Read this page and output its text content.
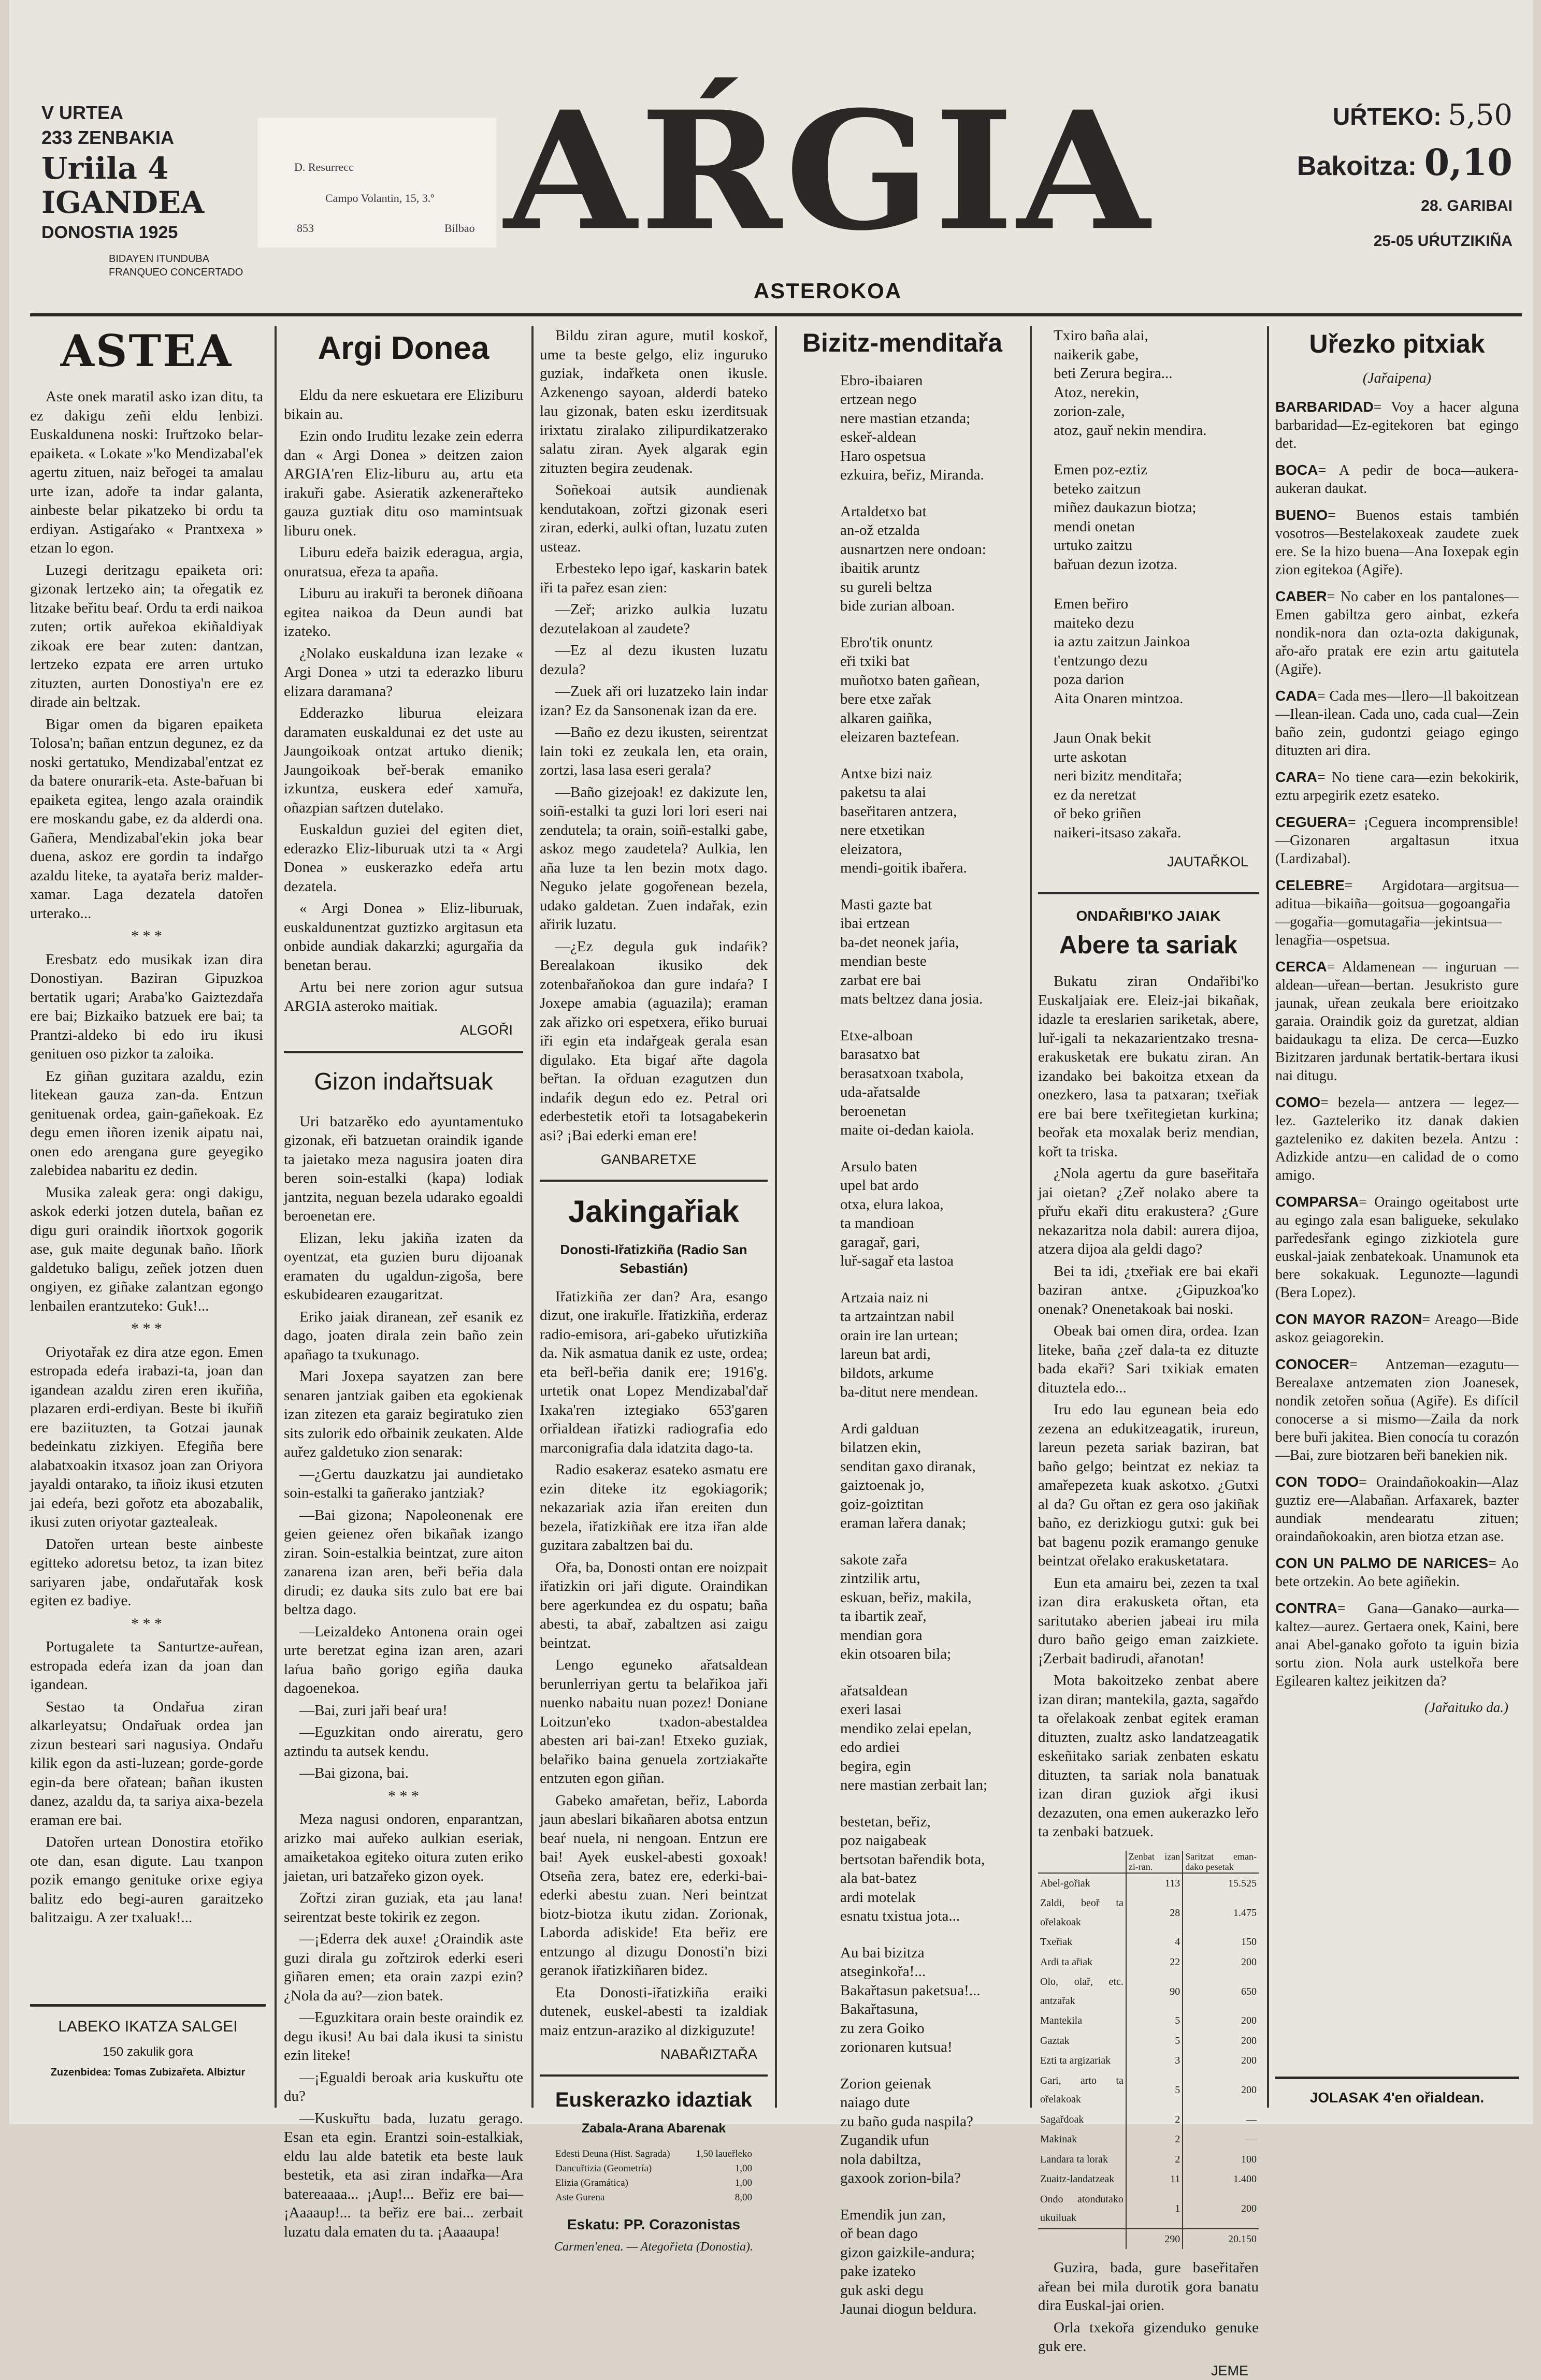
V URTEA
233 ZENBAKIA
Uriila 4
IGANDEA
DONOSTIA 1925
BIDAYEN ITUNDUBA
FRANQUEO CONCERTADO
D. Resurrecc
Campo Volantin, 15, 3.º
853	Bilbao AŔGIA
ASTEROKOA
UŔTEKO: 5,50
Bakoitza: 0,10
28. GARIBAI
25-05 UŔUTZIKIÑA
ASTEA

Aste onek maratil asko izan ditu, ta ez dakigu zeñi eldu lenbizi. Euskaldunena noski: Iruřtzoko belar-epaiketa. « Lokate »'ko Mendizabal'ek agertu zituen, naiz beřogei ta amalau urte izan, adoře ta indar galanta, ainbeste belar pikatzeko bi ordu ta erdiyan. Astigaŕako « Prantxexa » etzan lo egon.

Luzegi deritzagu epaiketa ori: gizonak lertzeko ain; ta ořegatik ez litzake beřitu beaŕ. Ordu ta erdi naikoa zuten; ortik auřekoa ekiñaldiyak zikoak ere bear zuten: dantzan, lertzeko ezpata ere arren urtuko zituzten, aurten Donostiya'n ere ez dirade ain beltzak.

Bigar omen da bigaren epaiketa Tolosa'n; bañan entzun degunez, ez da noski gertatuko, Mendizabal'entzat ez da batere onurarik-eta. Aste-bařuan bi epaiketa egitea, lengo azala oraindik ere moskandu gabe, ez da alderdi ona. Gañera, Mendizabal'ekin joka bear duena, askoz ere gordin ta indařgo azaldu liteke, ta ayatařa beriz malder-xamar. Laga dezatela datořen urterako...

* * *

Eresbatz edo musikak izan dira Donostiyan. Baziran Gipuzkoa bertatik ugari; Araba'ko Gaiztezdařa ere bai; Bizkaiko batzuek ere bai; ta Prantzi-aldeko bi edo iru ikusi genituen oso pizkor ta zaloika.

Ez giñan guzitara azaldu, ezin litekean gauza zan-da. Entzun genituenak ordea, gain-gañekoak. Ez degu emen iñoren izenik aipatu nai, onen edo arengana gure geyegiko zalebidea nabaritu ez dedin.

Musika zaleak gera: ongi dakigu, askok ederki jotzen dutela, bañan ez digu guri oraindik iñortxok gogorik ase, guk maite degunak baño. Iñork galdetuko baligu, zeñek jotzen duen ongiyen, ez giñake zalantzan egongo lenbailen erantzuteko: Guk!...

* * *

Oriyotařak ez dira atze egon. Emen estropada edeŕa irabazi-ta, joan dan igandean azaldu ziren eren ikuřiña, plazaren erdi-erdiyan. Beste bi ikuřiñ ere baziituzten, ta Gotzai jaunak bedeinkatu zizkiyen. Efegiña bere alabatxoakin itxasoz joan zan Oriyora jayaldi ontarako, ta iñoiz ikusi etzuten jai edeŕa, bezi gořotz eta abozabalik, ikusi zuten oriyotar gaztealeak.

Datořen urtean beste ainbeste egitteko adoretsu betoz, ta izan bitez sariyaren jabe, ondařutařak kosk egiten ez badiye.

* * *

Portugalete ta Santurtze-auřean, estropada edeŕa izan da joan dan igandean.

Sestao ta Ondařua ziran alkarleyatsu; Ondařuak ordea jan zizun besteari sari nagusiya. Ondařu kilik egon da asti-luzean; gorde-gorde egin-da bere ořatean; bañan ikusten danez, azaldu da, ta sariya aixa-bezela eraman ere bai.

Datořen urtean Donostira etořiko ote dan, esan digute. Lau txanpon pozik emango genituke orixe egiya balitz edo begi-auren garaitzeko balitzaigu. A zer txaluak!...

LABEKO IKATZA SALGEI
150 zakulik gora
Zuzenbidea: Tomas Zubizařeta. Albiztur
Argi Donea

Eldu da nere eskuetara ere Eliziburu bikain au.

Ezin ondo Iruditu lezake zein ederra dan « Argi Donea » deitzen zaion ARGIA'ren Eliz-liburu au, artu eta irakuři gabe. Asieratik azkenerařteko gauza guztiak ditu oso mamintsuak liburu onek.

Liburu edeřa baizik ederagua, argia, onuratsua, eřeza ta apaña.

Liburu au irakuři ta beronek diñoana egitea naikoa da Deun aundi bat izateko.

¿Nolako euskalduna izan lezake « Argi Donea » utzi ta ederazko liburu elizara daramana?

Edderazko liburua eleizara daramaten euskaldunai ez det uste au Jaungoikoak ontzat artuko dienik; Jaungoikoak beř-berak emaniko izkuntza, euskera edeŕ xamuřa, oñazpian saŕtzen dutelako.

Euskaldun guziei del egiten diet, ederazko Eliz-liburuak utzi ta « Argi Donea » euskerazko edeřa artu dezatela.

« Argi Donea » Eliz-liburuak, euskaldunentzat guztizko argitasun eta onbide aundiak dakarzki; agurgařia da benetan berau.

Artu bei nere zorion agur sutsua ARGIA asteroko maitiak.

ALGOŘI
Gizon indařtsuak

Uri batzarěko edo ayuntamentuko gizonak, eři batzuetan oraindik igande ta jaietako meza nagusira joaten dira beren soin-estalki (kapa) lodiak jantzita, neguan bezela udarako egoaldi beroenetan ere.

Elizan, leku jakiña izaten da oyentzat, eta guzien buru dijoanak eramaten du ugaldun-zigoša, bere eskubidearen ezaugaritzat.

Eriko jaiak diranean, zeř esanik ez dago, joaten dirala zein baño zein apañago ta txukunago.

Mari Joxepa sayatzen zan bere senaren jantziak gaiben eta egokienak izan zitezen eta garaiz begiratuko zien sits zulorik edo ořbainik zeukaten. Alde auřez galdetuko zion senarak:

—¿Gertu dauzkatzu jai aundietako soin-estalki ta gañerako jantziak?

—Bai gizona; Napoleonenak ere geien geienez ořen bikañak izango ziran. Soin-estalkia beintzat, zure aiton zanarena izan aren, beři beřia dala dirudi; ez dauka sits zulo bat ere bai beltza dago.

—Leizaldeko Antonena orain ogei urte beretzat egina izan aren, azari laŕua baño gorigo egiña dauka dagoenekoa.

—Bai, zuri jaři beaŕ ura!

—Eguzkitan ondo aireratu, gero aztindu ta autsek kendu.

—Bai gizona, bai.

* * *

Meza nagusi ondoren, enparantzan, arizko mai auřeko aulkian eseriak, amaiketakoa egiteko oitura zuten eriko jaietan, uri batzařeko gizon oyek.

Zořtzi ziran guziak, eta ¡au lana! seirentzat beste tokirik ez zegon.

—¡Ederra dek auxe! ¿Oraindik aste guzi dirala gu zořtzirok ederki eseri giñaren emen; eta orain zazpi ezin? ¿Nola da au?—zion batek.

—Eguzkitara orain beste oraindik ez degu ikusi! Au bai dala ikusi ta sinistu ezin liteke!

—¡Egualdi beroak aria kuskuřtu ote du?

—Kuskuřtu bada, luzatu gerago. Esan eta egin. Erantzi soin-estalkiak, eldu lau alde batetik eta beste lauk bestetik, eta asi ziran indařka—Ara batereaaaa... ¡Aup!... Beřiz ere bai—¡Aaaaup!... ta beřiz ere bai... zerbait luzatu dala ematen du ta. ¡Aaaaupa!

Bildu ziran agure, mutil koskoř, ume ta beste gelgo, eliz inguruko guziak, indařketa onen ikusle. Azkenengo sayoan, alderdi bateko lau gizonak, baten esku izerditsuak irixtatu ziralako zilipurdikatzerako salatu ziran. Ayek algarak egin zituzten begira zeudenak.

Soñekoai autsik aundienak kendutakoan, zořtzi gizonak eseri ziran, ederki, aulki oftan, luzatu zuten usteaz.

Erbesteko lepo igaŕ, kaskarin batek iři ta pařez esan zien:

—Zeř; arizko aulkia luzatu dezutelakoan al zaudete?

—Ez al dezu ikusten luzatu dezula?

—Zuek aři ori luzatzeko lain indar izan? Ez da Sansonenak izan da ere.

—Baño ez dezu ikusten, seirentzat lain toki ez zeukala len, eta orain, zortzi, lasa lasa eseri gerala?

—Baño gizejoak! ez dakizute len, soiñ-estalki ta guzi lori lori eseri nai zendutela; ta orain, soiñ-estalki gabe, askoz mego zaudetela? Aulkia, len aña luze ta len bezin motx dago. Neguko jelate gogořenean bezela, udako galdetan. Zuen indařak, ezin ařirik luzatu.

—¿Ez degula guk indaŕik? Berealakoan ikusiko dek zotenbařaňokoa dan gure indaŕa? I Joxepe amabia (aguazila); eraman zak ařizko ori espetxera, eřiko buruai iři egin eta indařgeak gerala esan digulako. Eta bigaŕ ařte dagola beřtan. Ia ořduan ezagutzen dun indaŕik degun edo ez. Petral ori ederbestetik etoři ta lotsagabekerin asi? ¡Bai ederki eman ere!

GANBARETXE
Jakingařiak
Donosti-Iřatizkiña (Radio San Sebastián)

Iřatizkiña zer dan? Ara, esango dizut, one irakuřle. Iřatizkiña, erderaz radio-emisora, ari-gabeko uřutizkiña da. Nik asmatua danik ez uste, ordea; eta beřl-beřia danik ere; 1916'g. urtetik onat Lopez Mendizabal'dař Ixaka'ren iztegiako 653'garen orřialdean iřatizki radiografia edo marconigrafia dala idatzita dago-ta.

Radio esakeraz esateko asmatu ere ezin diteke itz egokiagorik; nekazariak azia iřan ereiten dun bezela, iřatizkiñak ere itza iřan alde guzitara zabaltzen bai du.

Ořa, ba, Donosti ontan ere noizpait iřatizkin ori jaři digute. Oraindikan bere agerkundea ez du ospatu; baña abesti, ta abař, zabaltzen asi zaigu beintzat.

Lengo eguneko ařatsaldean berunlerriyan gertu ta belařikoa jaři nuenko nabaitu nuan pozez! Doniane Loitzun'eko txadon-abestaldea abesten ari bai-zan! Etxeko guziak, belařiko baina genuela zortziakařte entzuten egon giñan.

Gabeko amařetan, beřiz, Laborda jaun abeslari bikañaren abotsa entzun beaŕ nuela, ni nengoan. Entzun ere bai! Ayek euskel-abesti goxoak! Otseña zera, batez ere, ederki-bai-ederki abestu zuan. Neri beintzat biotz-biotza ikutu zidan. Zorionak, Laborda adiskide! Eta beřiz ere entzungo al dizugu Donosti'n bizi geranok iřatizkiñaren bidez.

Eta Donosti-iřatizkiña eraiki dutenek, euskel-abesti ta izaldiak maiz entzun-araziko al dizkiguzute!

NABAŘIZTAŘA
Euskerazko idaztiak
Zabala-Arana Abarenak
Edesti Deuna (Hist. Sagrada)	1,50 laueřleko
Dancuřtizia (Geometría)	1,00
Elizia (Gramática)	1,00
Aste Gurena	8,00
Eskatu: PP. Corazonistas
Carmen'enea. — Ategořieta (Donostia).
Bizitz-menditařa
Ebro-ibaiaren
ertzean nego
nere mastian etzanda;
eskeř-aldean
Haro ospetsua
ezkuira, beřiz, Miranda.
Artaldetxo bat
an-ož etzalda
ausnartzen nere ondoan:
ibaitik aruntz
su gureli beltza
bide zurian alboan.
Ebro'tik onuntz
eři txiki bat
muñotxo baten gañean,
bere etxe zařak
alkaren gaiñka,
eleizaren baztefean.
Antxe bizi naiz
paketsu ta alai
baseřitaren antzera,
nere etxetikan
eleizatora,
mendi-goitik ibařera.
Masti gazte bat
ibai ertzean
ba-det neonek jaŕia,
mendian beste
zarbat ere bai
mats beltzez dana josia.
Etxe-alboan
barasatxo bat
berasatxoan txabola,
uda-ařatsalde
beroenetan
maite oi-dedan kaiola.
Arsulo baten
upel bat ardo
otxa, elura lakoa,
ta mandioan
garagař, gari,
luř-sagař eta lastoa
Artzaia naiz ni
ta artzaintzan nabil
orain ire lan urtean;
lareun bat ardi,
bildots, arkume
ba-ditut nere mendean.
Ardi galduan
bilatzen ekin,
senditan gaxo diranak,
gaiztoenak jo,
goiz-goiztitan
eraman lařera danak;
sakote zařa
zintzilik artu,
eskuan, beřiz, makila,
ta ibartik zeař,
mendian gora
ekin otsoaren bila;
ařatsaldean
exeri lasai
mendiko zelai epelan,
edo ardiei
begira, egin
nere mastian zerbait lan;
bestetan, beřiz,
poz naigabeak
bertsotan bařendik bota,
ala bat-batez
ardi motelak
esnatu txistua jota...
Au bai bizitza
atseginkořa!...
Bakařtasun paketsua!...
Bakařtasuna,
zu zera Goiko
zorionaren kutsua!
Zorion geienak
naiago dute
zu baño guda naspila?
Zugandik ufun
nola dabiltza,
gaxook zorion-bila?
Emendik jun zan,
oř bean dago
gizon gaizkile-andura;
pake izateko
guk aski degu
Jaunai diogun beldura.
Txiro baña alai,
naikerik gabe,
beti Zerura begira...
Atoz, nerekin,
zorion-zale,
atoz, gauř nekin mendira.
Emen poz-eztiz
beteko zaitzun
miñez daukazun biotza;
mendi onetan
urtuko zaitzu
bařuan dezun izotza.
Emen beřiro
maiteko dezu
ia aztu zaitzun Jainkoa
t'entzungo dezu
poza darion
Aita Onaren mintzoa.
Jaun Onak bekit
urte askotan
neri bizitz menditařa;
ez da neretzat
oř beko griñen
naikeri-itsaso zakařa.
JAUTAŘKOL
ONDAŘIBI'KO JAIAK
Abere ta sariak

Bukatu ziran Ondařibi'ko Euskaljaiak ere. Eleiz-jai bikañak, idazle ta ereslarien sariketak, abere, luř-igali ta nekazarientzako tresna-erakusketak ere bukatu ziran. An izandako bei bakoitza etxean da onezkero, lasa ta patxaran; txeřiak ere bai bere txeřitegietan kurkina; beořak eta moxalak beriz mendian, kořt ta triska.

¿Nola agertu da gure baseřitařa jai oietan? ¿Zeř nolako abere ta přuřu ekaři ditu erakustera? ¿Gure nekazaritza nola dabil: aurera dijoa, atzera dijoa ala geldi dago?

Bei ta idi, ¿txeřiak ere bai ekaři baziran antxe. ¿Gipuzkoa'ko onenak? Onenetakoak bai noski.

Obeak bai omen dira, ordea. Izan liteke, baña ¿zeř dala-ta ez dituzte bada ekaři? Sari txikiak ematen dituztela edo...

Iru edo lau egunean beia edo zezena an edukitzeagatik, irureun, lareun pezeta sariak baziran, bat baño gelgo; beintzat ez nekiaz ta amařepezeta kuak askotxo. ¿Gutxi al da? Gu ořtan ez gera oso jakiñak baño, ez derizkiogu gutxi: guk bei bat bagenu pozik eramango genuke beintzat ořelako erakusketatara.

Eun eta amairu bei, zezen ta txal izan dira erakusketa ořtan, eta saritutako aberien jabeai iru mila duro baño geigo eman zaizkiete. ¡Zerbait badirudi, ařanotan!

Mota bakoitzeko zenbat abere izan diran; mantekila, gazta, sagařdo ta ořelakoak zenbat egitek eraman dituzten, zualtz asko landatzeagatik eskeñitako sariak zenbaten eskatu dituzten, ta sariak nola banatuak izan diran guziok ařgi ikusi dezazuten, ona emen aukerazko leřo ta zenbaki batzuek.

	Zenbat izan zi-ran.	Saritzat eman-dako pesetak
Abel-gořiak	113	15.525
Zaldi, beoř ta ořelakoak	28	1.475
Txeřiak	4	150
Ardi ta ařiak	22	200
Olo, olař, etc. antzařak	90	650
Mantekila	5	200
Gaztak	5	200
Ezti ta argizariak	3	200
Gari, arto ta ořelakoak	5	200
Sagařdoak	2	—
Makinak	2	—
Landara ta lorak	2	100
Zuaitz-landatzeak	11	1.400
Ondo atondutako ukuiluak	1	200
	290	20.150

Guzira, bada, gure baseřitařen ařean bei mila durotik gora banatu dira Euskal-jai orien.

Orla txekořa gizenduko genuke guk ere.

JEME
Uřezko pitxiak
(Jařaipena)
BARBARIDAD= Voy a hacer alguna barbaridad—Ez-egitekoren bat egingo det.
BOCA= A pedir de boca—aukera-aukeran daukat.
BUENO= Buenos estais también vosotros—Bestelakoxeak zaudete zuek ere. Se la hizo buena—Ana Ioxepak egin zion egitekoa (Agiře).
CABER= No caber en los pantalones—Emen gabiltza gero ainbat, ezkeŕa nondik-nora dan ozta-ozta dakigunak, ařo-ařo pratak ere ezin artu gaitutela (Agiře).
CADA= Cada mes—Ilero—Il bakoitzean—Ilean-ilean. Cada uno, cada cual—Zein baño zein, gudontzi geiago egingo dituzten ari dira.
CARA= No tiene cara—ezin bekokirik, eztu arpegirik ezetz esateko.
CEGUERA= ¡Ceguera incomprensible!—Gizonaren argaltasun itxua (Lardizabal).
CELEBRE= Argidotara—argitsua—aditua—bikaiña—goitsua—gogoangařia—gogařia—gomutagařia—jekintsua—lenagřia—ospetsua.
CERCA= Aldamenean — inguruan — aldean—uřean—bertan. Jesukristo gure jaunak, uřean zeukala bere erioitzako garaia. Oraindik goiz da guretzat, aldian baidaukagu ta eliza. De cerca—Euzko Bizitzaren jardunak bertatik-bertara ikusi nai ditugu.
COMO= bezela— antzera — legez— lez. Gazteleriko itz danak dakien gazteleniko ez dakiten bezela. Antzu : Adizkide antzu—en calidad de o como amigo.
COMPARSA= Oraingo ogeitabost urte au egingo zala esan baligueke, sekulako parředesřank egingo zizkiotela gure euskal-jaiak zenbatekoak. Unamunok eta bere sokakuak. Legunozte—lagundi (Bera Lopez).
CON MAYOR RAZON= Areago—Bide askoz geiagorekin.
CONOCER= Antzeman—ezagutu—Berealaxe antzematen zion Joanesek, nondik zetořen soňua (Agiře). Es difícil conocerse a si mismo—Zaila da nork bere buři jakitea. Bien conocía tu corazón—Bai, zure biotzaren beři banekien nik.
CON TODO= Oraindañokoakin—Alaz guztiz ere—Alabañan. Arfaxarek, bazter aundiak mendearatu zituen; oraindañokoakin, aren biotza etzan ase.
CON UN PALMO DE NARICES= Ao bete ortzekin. Ao bete agiñekin.
CONTRA= Gana—Ganako—aurka—kaltez—aurez. Gertaera onek, Kaini, bere anai Abel-ganako gořoto ta iguin bizia sortu zion. Nola aurk ustelkořa bere Egilearen kaltez jeikitzen da?
(Jařaituko da.)
JOLASAK 4'en ořialdean.
